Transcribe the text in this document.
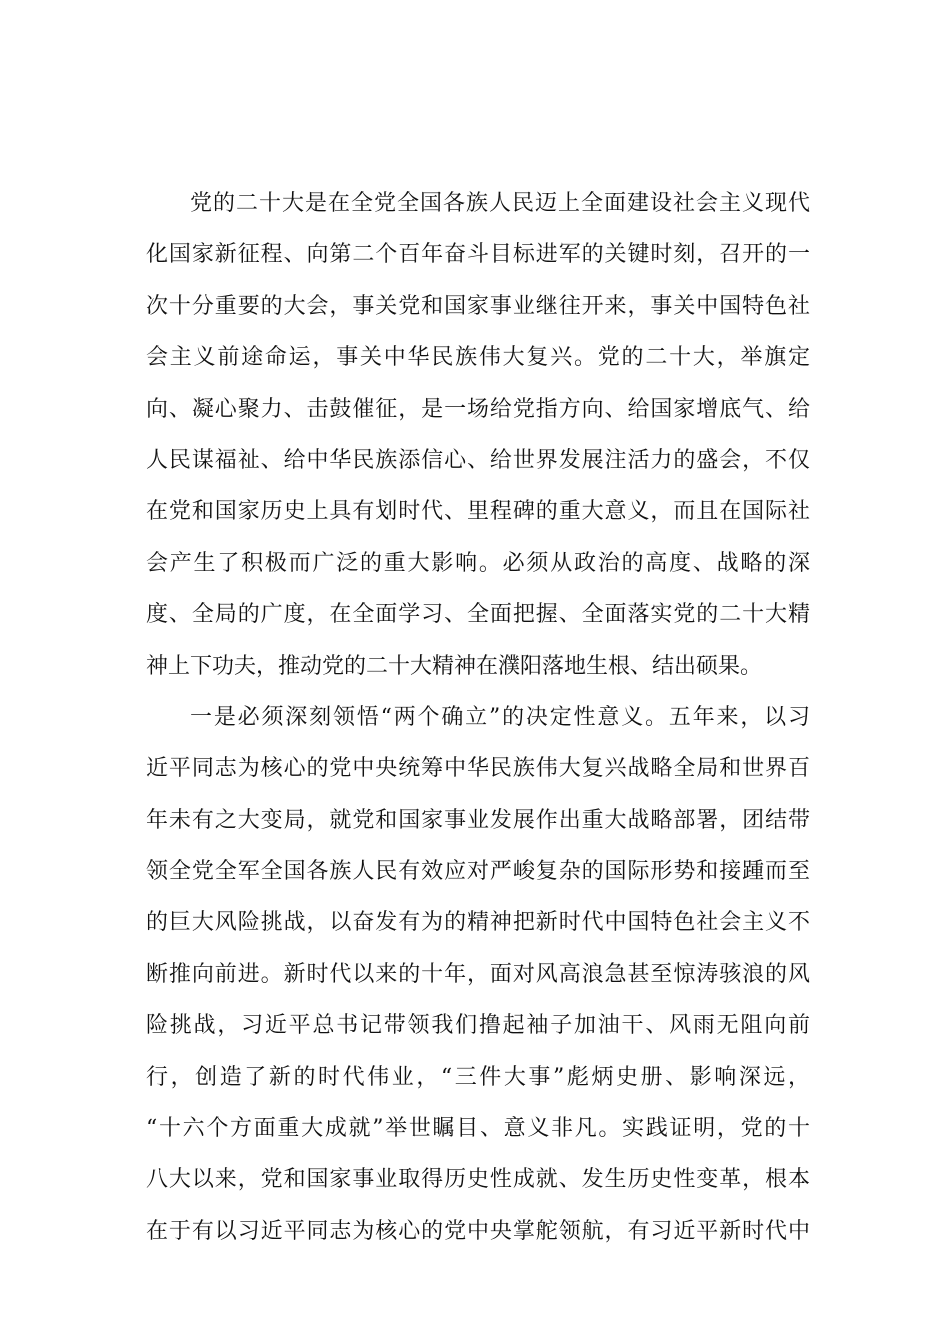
党的二十大是在全党全国各族人民迈上全面建设社会主义现代
化国家新征程、向第二个百年奋斗目标进军的关键时刻，召开的一
次十分重要的大会，事关党和国家事业继往开来，事关中国特色社
会主义前途命运，事关中华民族伟大复兴。党的二十大，举旗定
向、凝心聚力、击鼓催征，是一场给党指方向、给国家增底气、给
人民谋福祉、给中华民族添信心、给世界发展注活力的盛会，不仅
在党和国家历史上具有划时代、里程碑的重大意义，而且在国际社
会产生了积极而广泛的重大影响。必须从政治的高度、战略的深
度、全局的广度，在全面学习、全面把握、全面落实党的二十大精
神上下功夫，推动党的二十大精神在濮阳落地生根、结出硕果。
一是必须深刻领悟“两个确立”的决定性意义。五年来，以习
近平同志为核心的党中央统筹中华民族伟大复兴战略全局和世界百
年未有之大变局，就党和国家事业发展作出重大战略部署，团结带
领全党全军全国各族人民有效应对严峻复杂的国际形势和接踵而至
的巨大风险挑战，以奋发有为的精神把新时代中国特色社会主义不
断推向前进。新时代以来的十年，面对风高浪急甚至惊涛骇浪的风
险挑战，习近平总书记带领我们撸起袖子加油干、风雨无阻向前
行，创造了新的时代伟业，“三件大事”彪炳史册、影响深远，
“十六个方面重大成就”举世瞩目、意义非凡。实践证明，党的十
八大以来，党和国家事业取得历史性成就、发生历史性变革，根本
在于有以习近平同志为核心的党中央掌舵领航，有习近平新时代中
